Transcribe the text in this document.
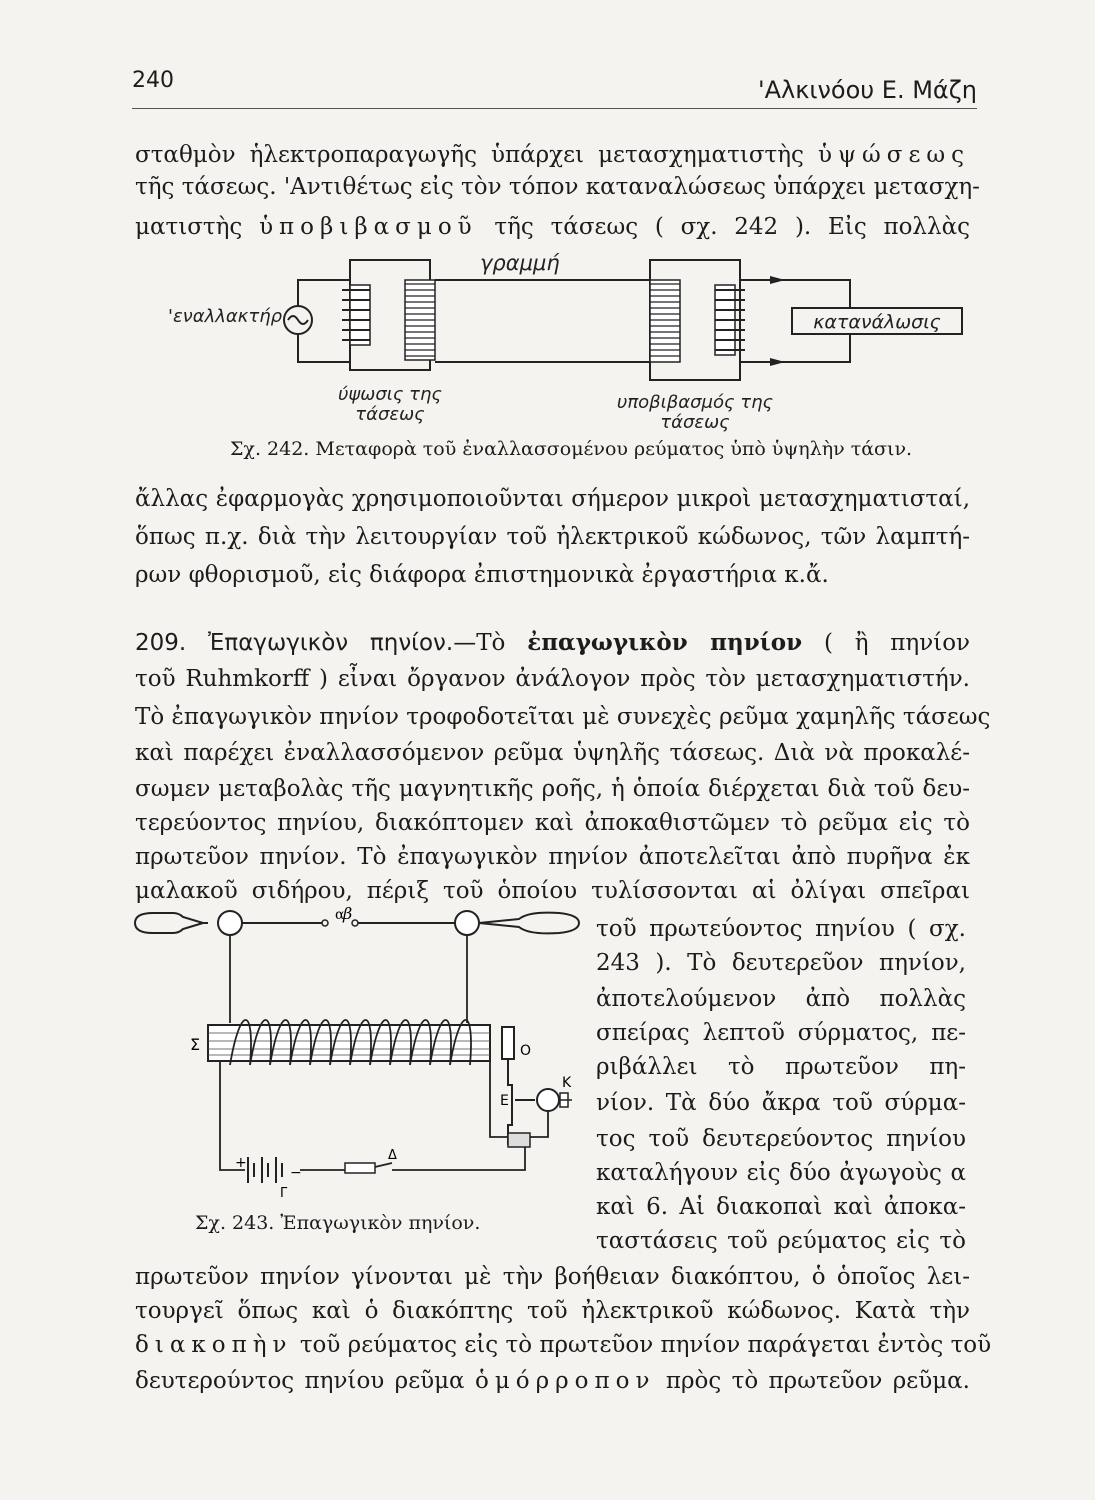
240	'Αλκινόου Ε. Μάζη
σταθμὸν ἡλεκτροπαραγωγῆς ὑπάρχει μετασχηματιστὴς ὑψώσεως
τῆς τάσεως. 'Αντιθέτως εἰς τὸν τόπον καταναλώσεως ὑπάρχει μετασχη-
ματιστὴς ὑποβιβασμοῦ τῆς τάσεως ( σχ. 242 ). Εἰς πολλὰς
κατανάλωσις
γραμμή
'εναλλακτήρ
ύψωσις της
τάσεως
υποβιβασμός της
τάσεως
Σχ. 242. Μεταφορὰ τοῦ ἐναλλασσομένου ρεύματος ὑπὸ ὑψηλὴν τάσιν.
ἄλλας ἐφαρμογὰς χρησιμοποιοῦνται σήμερον μικροὶ μετασχηματισταί,
ὅπως π.χ. διὰ τὴν λειτουργίαν τοῦ ἠλεκτρικοῦ κώδωνος, τῶν λαμπτή-
ρων φθορισμοῦ, εἰς διάφορα ἐπιστημονικὰ ἐργαστήρια κ.ἄ.
209. Ἐπαγωγικὸν πηνίον.—Τὸ ἐπαγωγικὸν πηνίον ( ἢ πηνίον
τοῦ Ruhmkorff ) εἶναι ὄργανον ἀνάλογον πρὸς τὸν μετασχηματιστήν.
Τὸ ἐπαγωγικὸν πηνίον τροφοδοτεῖται μὲ συνεχὲς ρεῦμα χαμηλῆς τάσεως
καὶ παρέχει ἐναλλασσόμενον ρεῦμα ὑψηλῆς τάσεως. Διὰ νὰ προκαλέ-
σωμεν μεταβολὰς τῆς μαγνητικῆς ροῆς, ἡ ὁποία διέρχεται διὰ τοῦ δευ-
τερεύοντος πηνίου, διακόπτομεν καὶ ἀποκαθιστῶμεν τὸ ρεῦμα εἰς τὸ
πρωτεῦον πηνίον. Τὸ ἐπαγωγικὸν πηνίον ἀποτελεῖται ἀπὸ πυρῆνα ἐκ
μαλακοῦ σιδήρου, πέριξ τοῦ ὁποίου τυλίσσονται αἱ ὀλίγαι σπεῖραι
α
β
Σ	Ο
Ε
Κ
+
−
Γ
Δ
Σχ. 243. Ἐπαγωγικὸν πηνίον.
τοῦ πρωτεύοντος πηνίου ( σχ.
243 ). Τὸ δευτερεῦον πηνίον,
ἀποτελούμενον ἀπὸ πολλὰς
σπείρας λεπτοῦ σύρματος, πε-
ριβάλλει τὸ πρωτεῦον πη-
νίον. Τὰ δύο ἄκρα τοῦ σύρμα-
τος τοῦ δευτερεύοντος πηνίου
καταλήγουν εἰς δύο ἀγωγοὺς α
καὶ 6. Αἱ διακοπαὶ καὶ ἀποκα-
ταστάσεις τοῦ ρεύματος εἰς τὸ
πρωτεῦον πηνίον γίνονται μὲ τὴν βοήθειαν διακόπτου, ὁ ὁποῖος λει-
τουργεῖ ὅπως καὶ ὁ διακόπτης τοῦ ἠλεκτρικοῦ κώδωνος. Κατὰ τὴν
διακοπὴν τοῦ ρεύματος εἰς τὸ πρωτεῦον πηνίον παράγεται ἐντὸς τοῦ
δευτερούντος πηνίου ρεῦμα ὁμόρροπον πρὸς τὸ πρωτεῦον ρεῦμα.
